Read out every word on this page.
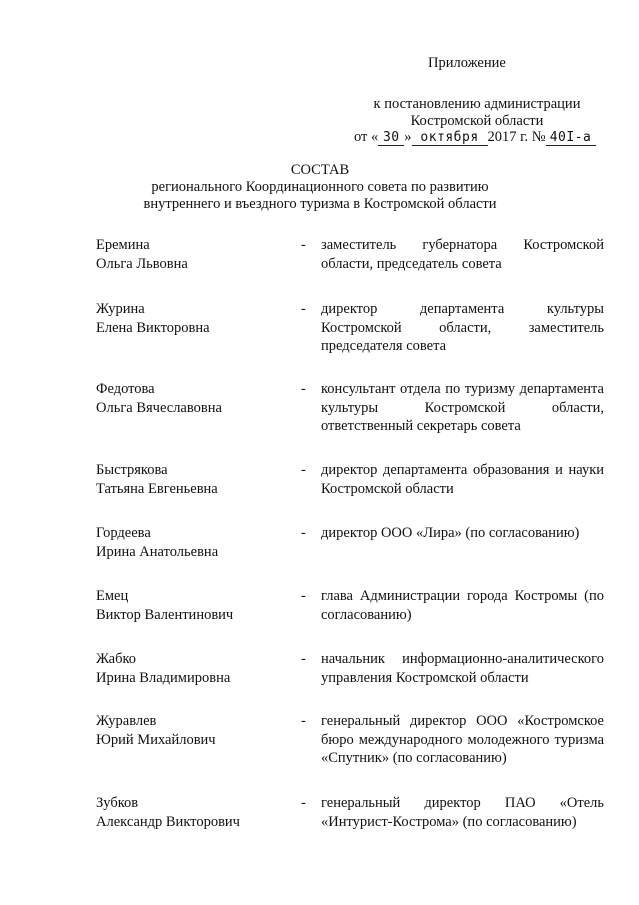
Приложение
к постановлению администрации
Костромской области
от « 30 » октября 2017 г. № 40I-а
СОСТАВ
регионального Координационного совета по развитию
внутреннего и въездного туризма в Костромской области
Еремина
Ольга Львовна
- заместитель губернатора Костромской области, председатель совета
Журина
Елена Викторовна
- директор департамента культуры Костромской области, заместитель председателя совета
Федотова
Ольга Вячеславовна
- консультант отдела по туризму департамента культуры Костромской области, ответственный секретарь совета
Быстрякова
Татьяна Евгеньевна
- директор департамента образования и науки Костромской области
Гордеева
Ирина Анатольевна
- директор ООО «Лира» (по согласованию)
Емец
Виктор Валентинович
- глава Администрации города Костромы (по согласованию)
Жабко
Ирина Владимировна
- начальник информационно-аналитического управления Костромской области
Журавлев
Юрий Михайлович
- генеральный директор ООО «Костромское бюро международного молодежного туризма «Спутник» (по согласованию)
Зубков
Александр Викторович
- генеральный директор ПАО «Отель «Интурист-Кострома» (по согласованию)
